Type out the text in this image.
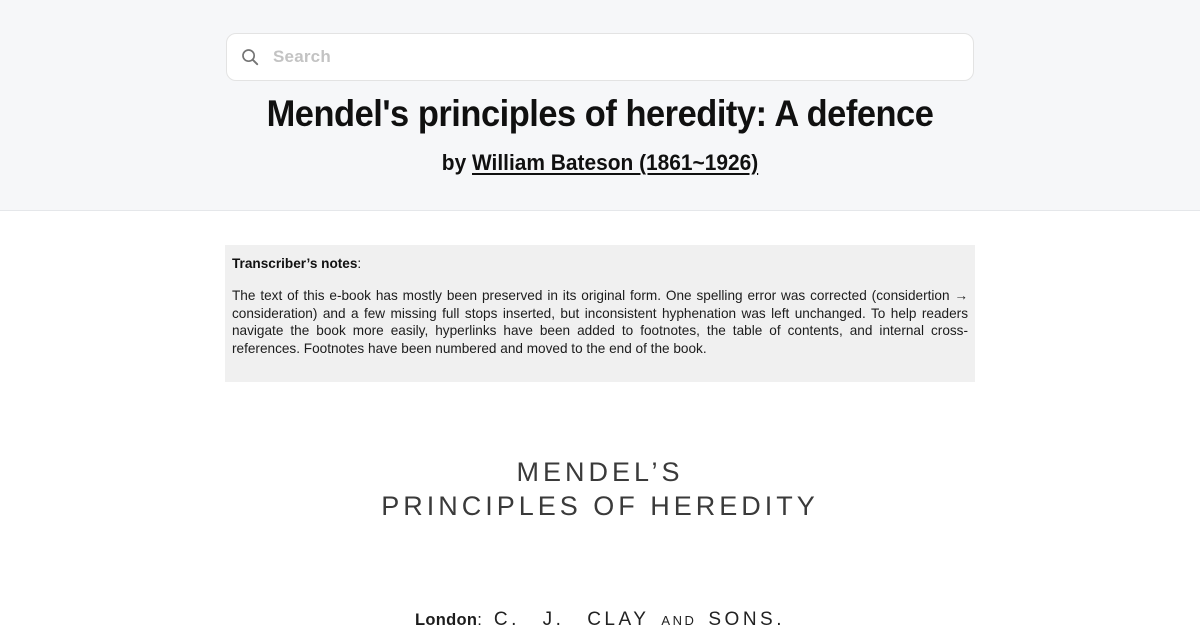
Search
Mendel's principles of heredity: A defence
by William Bateson (1861~1926)
Transcriber’s notes:

The text of this e-book has mostly been preserved in its original form. One spelling error was corrected (considertion → consideration) and a few missing full stops inserted, but inconsistent hyphenation was left unchanged. To help readers navigate the book more easily, hyperlinks have been added to footnotes, the table of contents, and internal cross-references. Footnotes have been numbered and moved to the end of the book.

MENDEL’S
PRINCIPLES OF HEREDITY
London: C. J. CLAY AND SONS.
